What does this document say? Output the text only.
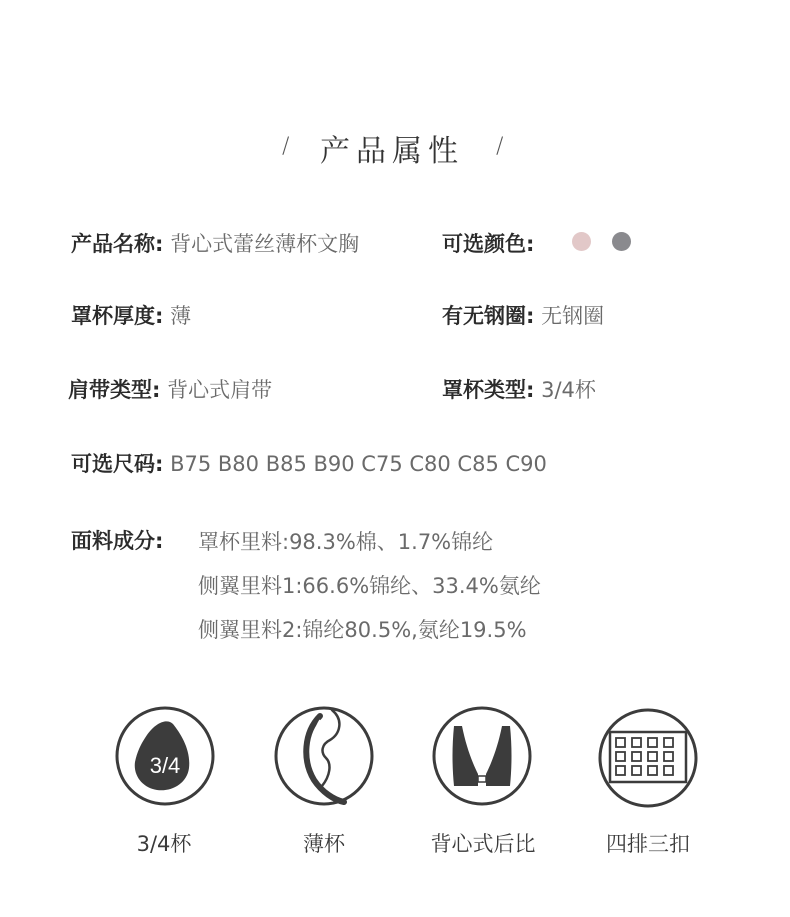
/ 产品属性 /
产品名称: 背心式蕾丝薄杯文胸	可选颜色:
罩杯厚度: 薄	有无钢圈: 无钢圈
肩带类型: 背心式肩带	罩杯类型: 3/4杯
可选尺码: B75 B80 B85 B90 C75 C80 C85 C90
面料成分: 罩杯里料:98.3%棉、1.7%锦纶
侧翼里料1:66.6%锦纶、33.4%氨纶
侧翼里料2:锦纶80.5%,氨纶19.5%
3/4
3/4杯	薄杯	背心式后比	四排三扣
